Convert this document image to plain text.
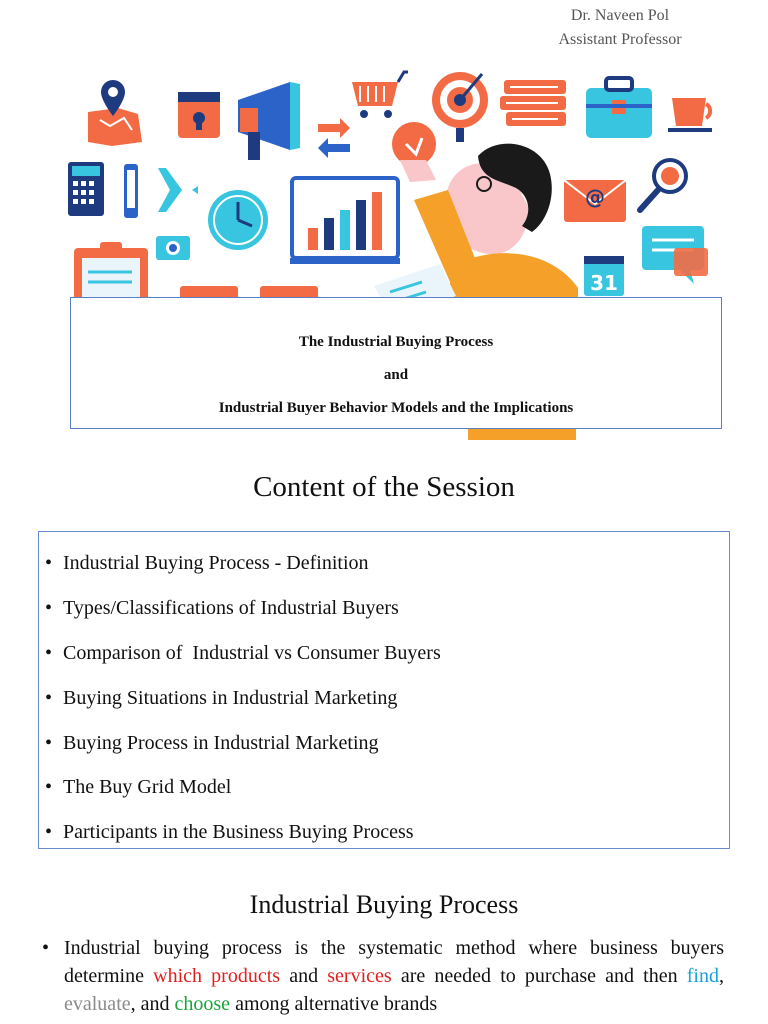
Dr. Naveen Pol
Assistant Professor
@
31
The Industrial Buying Process
and
Industrial Buyer Behavior Models and the Implications
Content of the Session
• Industrial Buying Process - Definition
• Types/Classifications of Industrial Buyers
• Comparison of  Industrial vs Consumer Buyers
• Buying Situations in Industrial Marketing
• Buying Process in Industrial Marketing
• The Buy Grid Model
• Participants in the Business Buying Process
Industrial Buying Process
• Industrial buying process is the systematic method where business buyers determine which products and services are needed to purchase and then find, evaluate, and choose among alternative brands
